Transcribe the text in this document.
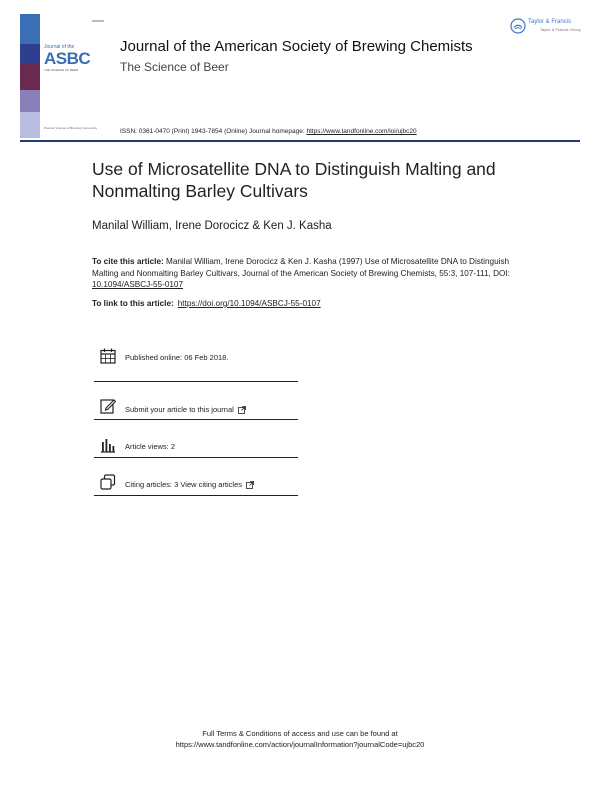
Journal of the
ASBC
THE SCIENCE OF BEER
Premier Science of Brewing Community
Journal of the American Society of Brewing Chemists
The Science of Beer
Taylor & Francis
Taylor & Francis Group
ISSN: 0361-0470 (Print) 1943-7854 (Online) Journal homepage: https://www.tandfonline.com/loi/ujbc20
Use of Microsatellite DNA to Distinguish Malting and Nonmalting Barley Cultivars
Manilal William, Irene Dorocicz & Ken J. Kasha
To cite this article: Manilal William, Irene Dorocicz & Ken J. Kasha (1997) Use of Microsatellite DNA to Distinguish Malting and Nonmalting Barley Cultivars, Journal of the American Society of Brewing Chemists, 55:3, 107-111, DOI: 10.1094/ASBCJ-55-0107
To link to this article: https://doi.org/10.1094/ASBCJ-55-0107
Published online: 06 Feb 2018.
Submit your article to this journal
Article views: 2
Citing articles: 3 View citing articles
Full Terms & Conditions of access and use can be found at
https://www.tandfonline.com/action/journalInformation?journalCode=ujbc20
